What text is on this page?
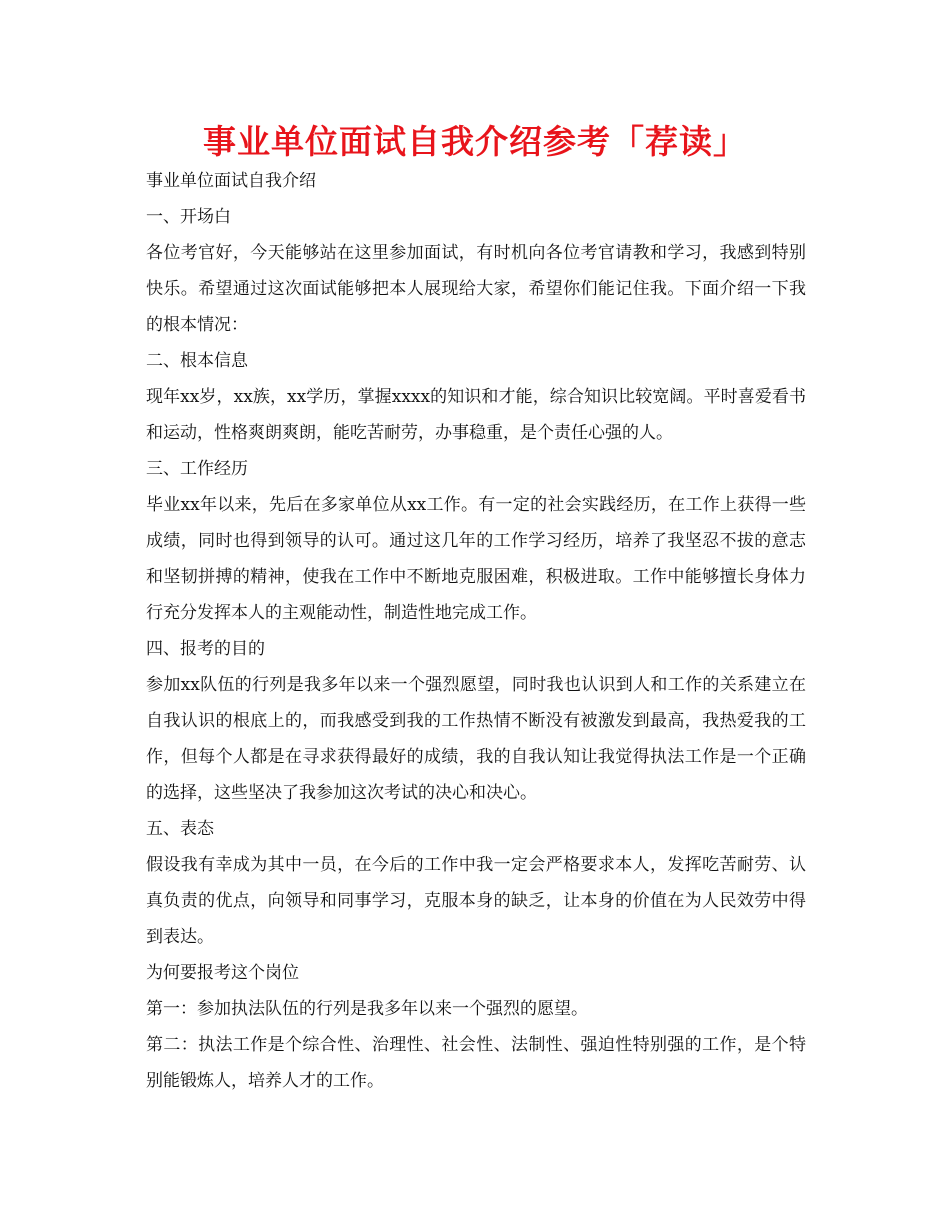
事业单位面试自我介绍参考「荐读」

事业单位面试自我介绍

一、开场白

各位考官好，今天能够站在这里参加面试，有时机向各位考官请教和学习，我感到特别快乐。希望通过这次面试能够把本人展现给大家，希望你们能记住我。下面介绍一下我的根本情况：

二、根本信息

现年xx岁，xx族，xx学历，掌握xxxx的知识和才能，综合知识比较宽阔。平时喜爱看书和运动，性格爽朗爽朗，能吃苦耐劳，办事稳重，是个责任心强的人。

三、工作经历

毕业xx年以来，先后在多家单位从xx工作。有一定的社会实践经历，在工作上获得一些成绩，同时也得到领导的认可。通过这几年的工作学习经历，培养了我坚忍不拔的意志和坚韧拼搏的精神，使我在工作中不断地克服困难，积极进取。工作中能够擅长身体力行充分发挥本人的主观能动性，制造性地完成工作。

四、报考的目的

参加xx队伍的行列是我多年以来一个强烈愿望，同时我也认识到人和工作的关系建立在自我认识的根底上的，而我感受到我的工作热情不断没有被激发到最高，我热爱我的工作，但每个人都是在寻求获得最好的成绩，我的自我认知让我觉得执法工作是一个正确的选择，这些坚决了我参加这次考试的决心和决心。

五、表态

假设我有幸成为其中一员，在今后的工作中我一定会严格要求本人，发挥吃苦耐劳、认真负责的优点，向领导和同事学习，克服本身的缺乏，让本身的价值在为人民效劳中得到表达。

为何要报考这个岗位

第一：参加执法队伍的行列是我多年以来一个强烈的愿望。

第二：执法工作是个综合性、治理性、社会性、法制性、强迫性特别强的工作，是个特别能锻炼人，培养人才的工作。
